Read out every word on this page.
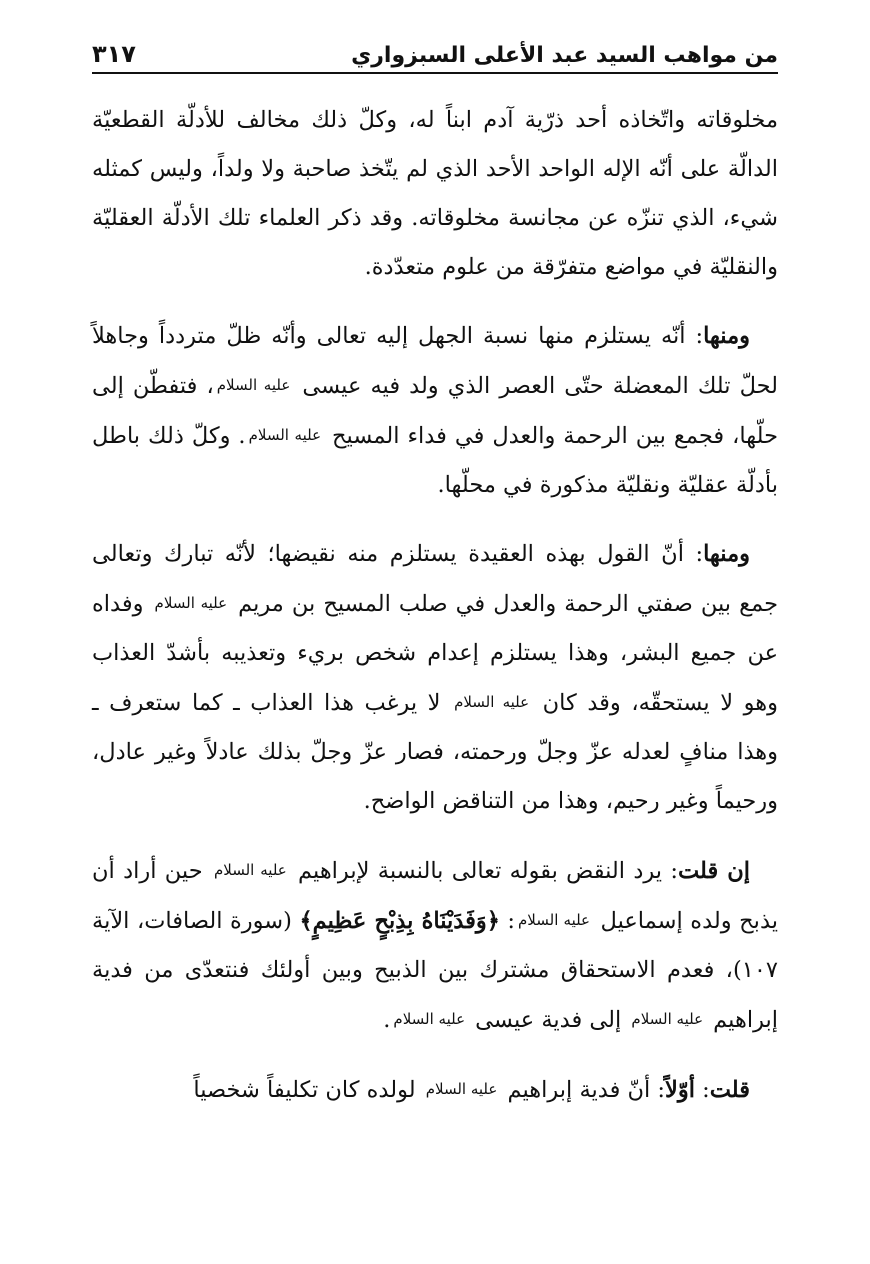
من مواهب السيد عبد الأعلى السبزواري
٣١٧

مخلوقاته واتّخاذه أحد ذرّية آدم ابناً له، وكلّ ذلك مخالف للأدلّة القطعيّة الدالّة على أنّه الإله الواحد الأحد الذي لم يتّخذ صاحبة ولا ولداً، وليس كمثله شيء، الذي تنزّه عن مجانسة مخلوقاته. وقد ذكر العلماء تلك الأدلّة العقليّة والنقليّة في مواضع متفرّقة من علوم متعدّدة.

ومنها: أنّه يستلزم منها نسبة الجهل إليه تعالى وأنّه ظلّ متردداً وجاهلاً لحلّ تلك المعضلة حتّى العصر الذي ولد فيه عيسى عليه السلام، فتفطّن إلى حلّها، فجمع بين الرحمة والعدل في فداء المسيح عليه السلام. وكلّ ذلك باطل بأدلّة عقليّة ونقليّة مذكورة في محلّها.

ومنها: أنّ القول بهذه العقيدة يستلزم منه نقيضها؛ لأنّه تبارك وتعالى جمع بين صفتي الرحمة والعدل في صلب المسيح بن مريم عليه السلام وفداه عن جميع البشر، وهذا يستلزم إعدام شخص بريء وتعذيبه بأشدّ العذاب وهو لا يستحقّه، وقد كان عليه السلام لا يرغب هذا العذاب ـ كما ستعرف ـ وهذا منافٍ لعدله عزّ وجلّ ورحمته، فصار عزّ وجلّ بذلك عادلاً وغير عادل، ورحيماً وغير رحيم، وهذا من التناقض الواضح.

إن قلت: يرد النقض بقوله تعالى بالنسبة لإبراهيم عليه السلام حين أراد أن يذبح ولده إسماعيل عليه السلام: ﴿وَفَدَيْنَاهُ بِذِبْحٍ عَظِيمٍ﴾ (سورة الصافات، الآية ١٠٧)، فعدم الاستحقاق مشترك بين الذبيح وبين أولئك فنتعدّى من فدية إبراهيم عليه السلام إلى فدية عيسى عليه السلام.

قلت: أوّلاً: أنّ فدية إبراهيم عليه السلام لولده كان تكليفاً شخصياً
